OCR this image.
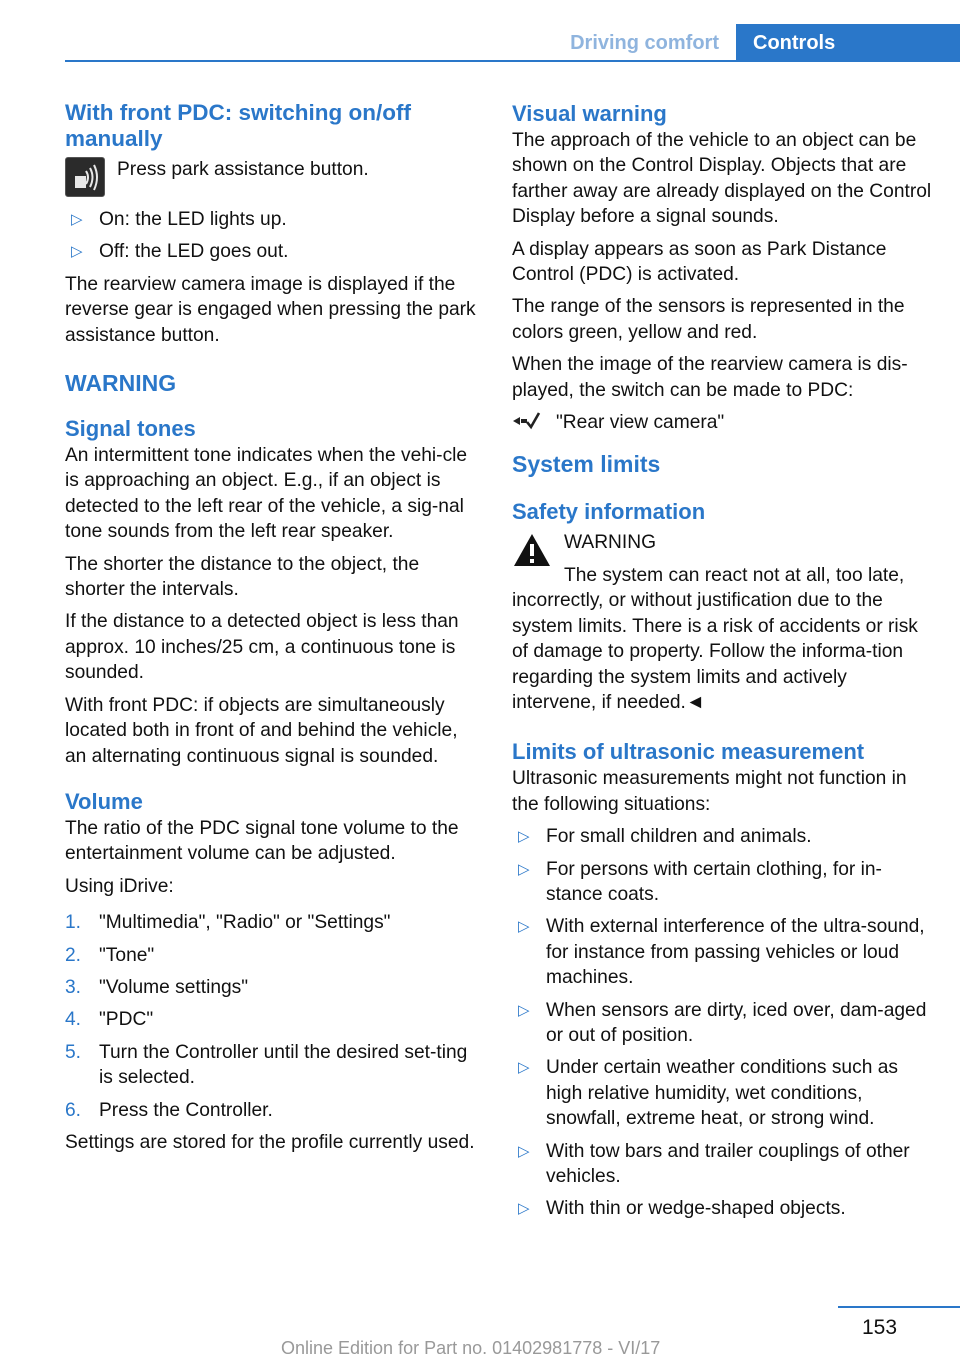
Driving comfort	Controls
With front PDC: switching on/off manually
Press park assistance button.
▷ On: the LED lights up.
▷ Off: the LED goes out.

The rearview camera image is displayed if the reverse gear is engaged when pressing the park assistance button.

WARNING
Signal tones

An intermittent tone indicates when the vehi‐cle is approaching an object. E.g., if an object is detected to the left rear of the vehicle, a sig‐nal tone sounds from the left rear speaker.

The shorter the distance to the object, the shorter the intervals.

If the distance to a detected object is less than approx. 10 inches/25 cm, a continuous tone is sounded.

With front PDC: if objects are simultaneously located both in front of and behind the vehicle, an alternating continuous signal is sounded.

Volume

The ratio of the PDC signal tone volume to the entertainment volume can be adjusted.

Using iDrive:

1. "Multimedia", "Radio" or "Settings"
2. "Tone"
3. "Volume settings"
4. "PDC"
5. Turn the Controller until the desired set‐ting is selected.
6. Press the Controller.

Settings are stored for the profile currently used.

Visual warning

The approach of the vehicle to an object can be shown on the Control Display. Objects that are farther away are already displayed on the Control Display before a signal sounds.

A display appears as soon as Park Distance Control (PDC) is activated.

The range of the sensors is represented in the colors green, yellow and red.

When the image of the rearview camera is dis‐played, the switch can be made to PDC:

"Rear view camera"

System limits
Safety information
WARNING

The system can react not at all, too late, incorrectly, or without justification due to the system limits. There is a risk of accidents or risk of damage to property. Follow the informa‐tion regarding the system limits and actively intervene, if needed.◄

Limits of ultrasonic measurement

Ultrasonic measurements might not function in the following situations:

▷ For small children and animals.
▷ For persons with certain clothing, for in‐stance coats.
▷ With external interference of the ultra‐sound, for instance from passing vehicles or loud machines.
▷ When sensors are dirty, iced over, dam‐aged or out of position.
▷ Under certain weather conditions such as high relative humidity, wet conditions, snowfall, extreme heat, or strong wind.
▷ With tow bars and trailer couplings of other vehicles.
▷ With thin or wedge-shaped objects.
153
Online Edition for Part no. 01402981778 - VI/17
